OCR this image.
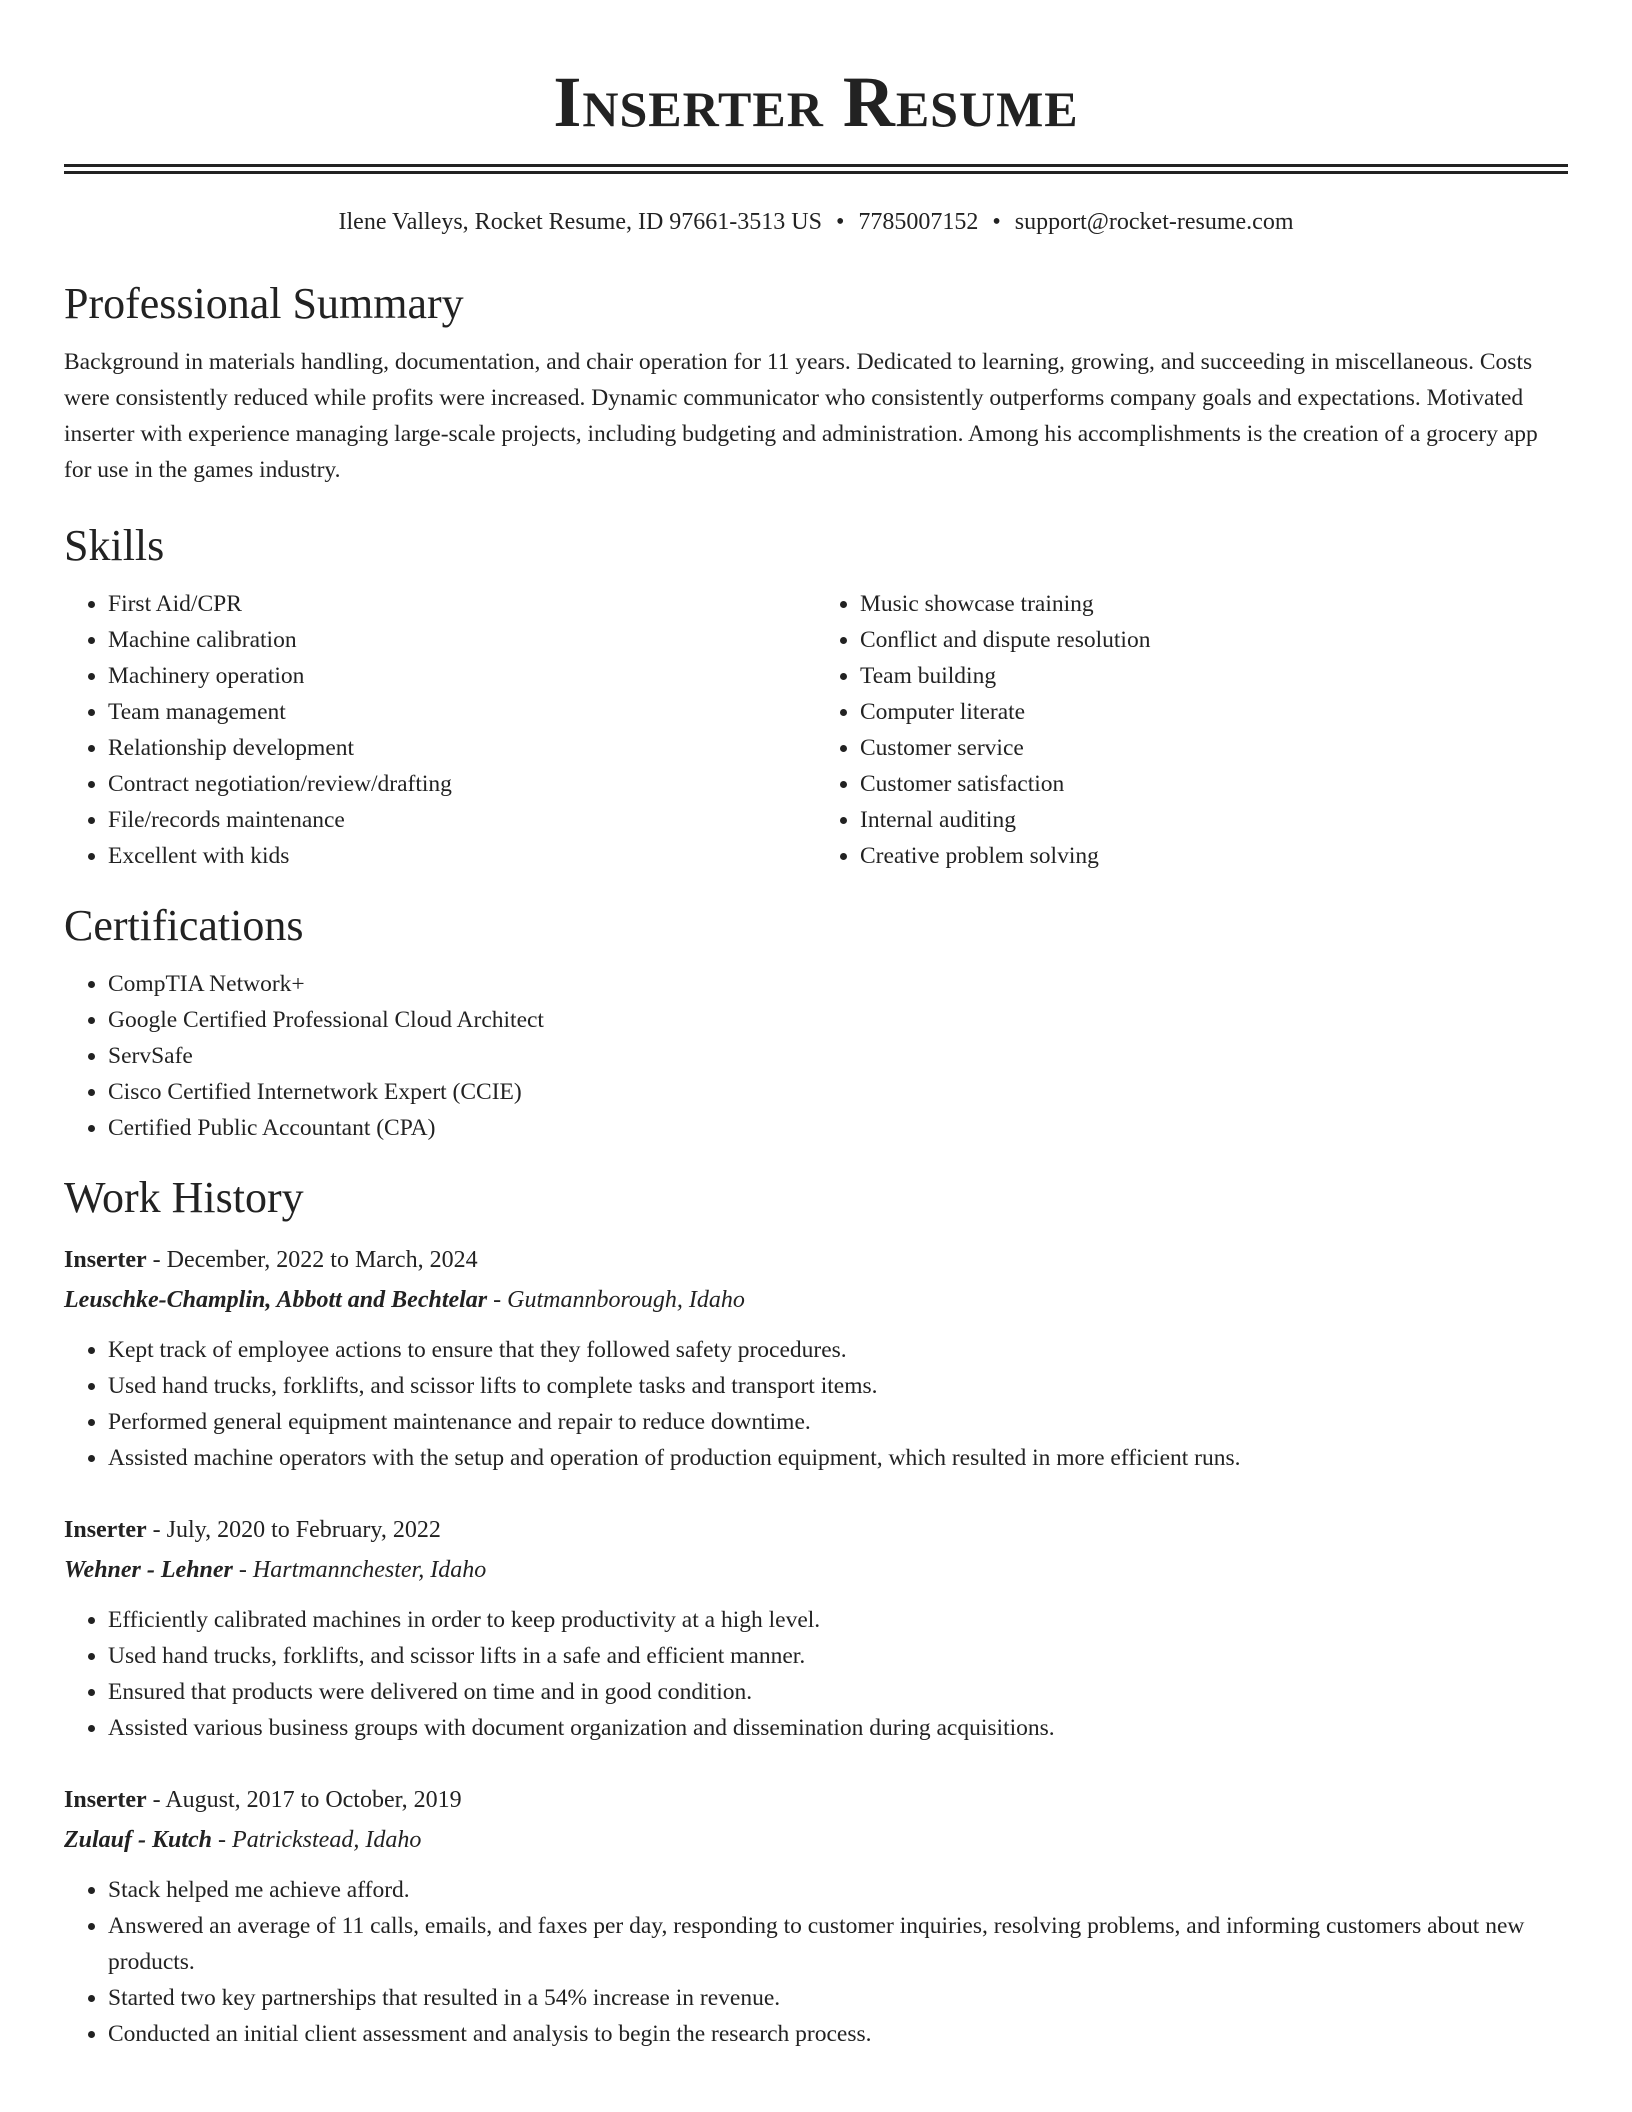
Inserter Resume
Ilene Valleys, Rocket Resume, ID 97661-3513 US • 7785007152 • support@rocket-resume.com
Professional Summary

Background in materials handling, documentation, and chair operation for 11 years. Dedicated to learning, growing, and succeeding in miscellaneous. Costs were consistently reduced while profits were increased. Dynamic communicator who consistently outperforms company goals and expectations. Motivated inserter with experience managing large-scale projects, including budgeting and administration. Among his accomplishments is the creation of a grocery app for use in the games industry.

Skills
• First Aid/CPR
• Machine calibration
• Machinery operation
• Team management
• Relationship development
• Contract negotiation/review/drafting
• File/records maintenance
• Excellent with kids
• Music showcase training
• Conflict and dispute resolution
• Team building
• Computer literate
• Customer service
• Customer satisfaction
• Internal auditing
• Creative problem solving
Certifications
• CompTIA Network+
• Google Certified Professional Cloud Architect
• ServSafe
• Cisco Certified Internetwork Expert (CCIE)
• Certified Public Accountant (CPA)
Work History
Inserter - December, 2022 to March, 2024
Leuschke-Champlin, Abbott and Bechtelar - Gutmannborough, Idaho
• Kept track of employee actions to ensure that they followed safety procedures.
• Used hand trucks, forklifts, and scissor lifts to complete tasks and transport items.
• Performed general equipment maintenance and repair to reduce downtime.
• Assisted machine operators with the setup and operation of production equipment, which resulted in more efficient runs.
Inserter - July, 2020 to February, 2022
Wehner - Lehner - Hartmannchester, Idaho
• Efficiently calibrated machines in order to keep productivity at a high level.
• Used hand trucks, forklifts, and scissor lifts in a safe and efficient manner.
• Ensured that products were delivered on time and in good condition.
• Assisted various business groups with document organization and dissemination during acquisitions.
Inserter - August, 2017 to October, 2019
Zulauf - Kutch - Patrickstead, Idaho
• Stack helped me achieve afford.
• Answered an average of 11 calls, emails, and faxes per day, responding to customer inquiries, resolving problems, and informing customers about new products.
• Started two key partnerships that resulted in a 54% increase in revenue.
• Conducted an initial client assessment and analysis to begin the research process.
